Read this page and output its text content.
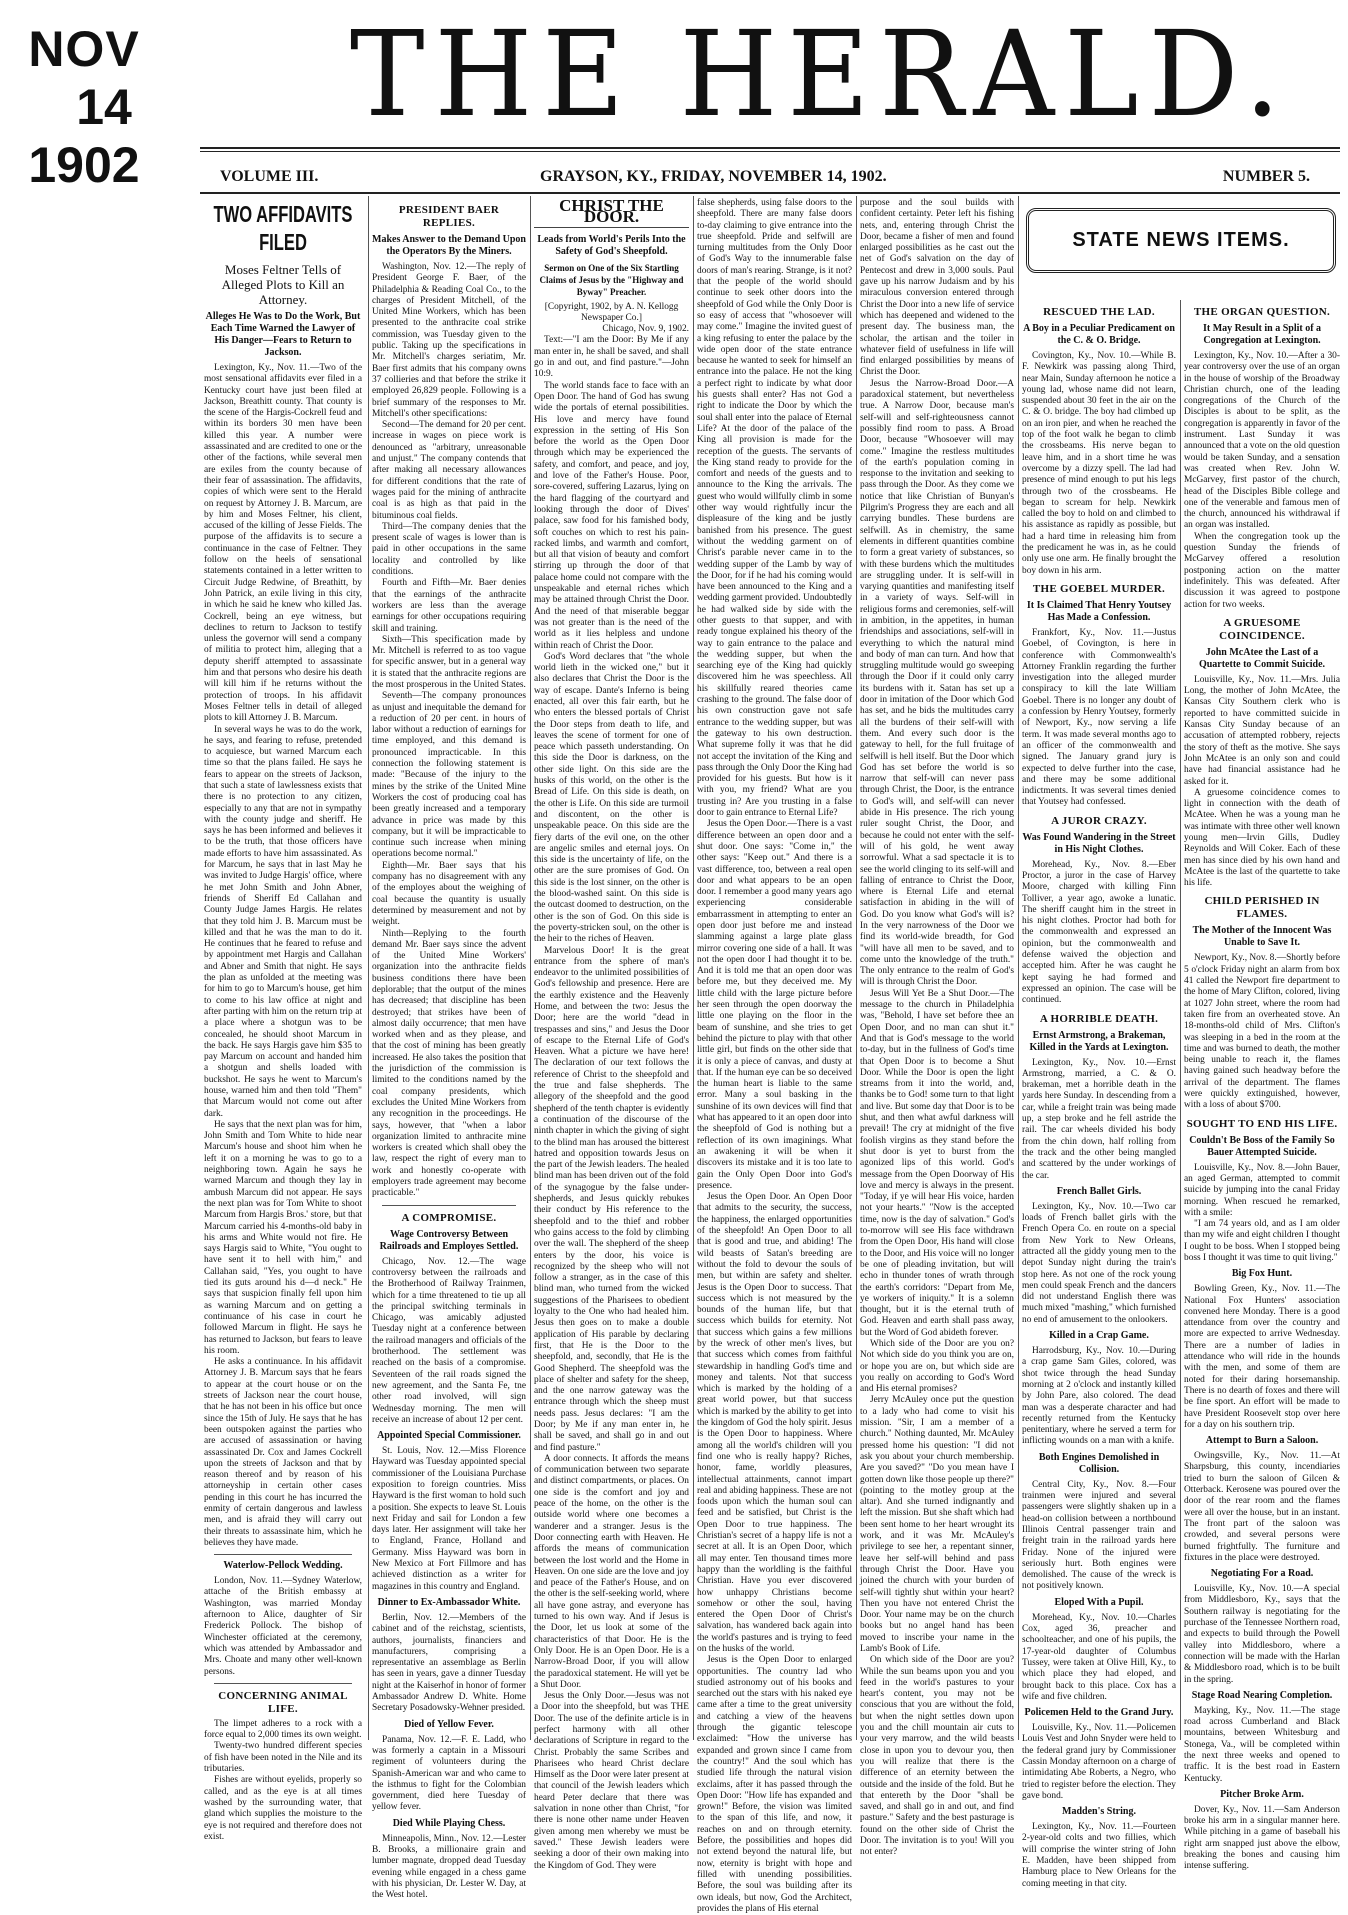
NOV
14
1902
THE HERALD.
VOLUME III.	GRAYSON, KY., FRIDAY, NOVEMBER 14, 1902.	NUMBER 5.
TWO AFFIDAVITS FILED
Moses Feltner Tells of Alleged Plots to Kill an Attorney.
Alleges He Was to Do the Work, But Each Time Warned the Lawyer of His Danger—Fears to Return to Jackson.

Lexington, Ky., Nov. 11.—Two of the most sensational affidavits ever filed in a Kentucky court have just been filed at Jackson, Breathitt county. That county is the scene of the Hargis-Cockrell feud and within its borders 30 men have been killed this year. A number were assassinated and are credited to one or the other of the factions, while several men are exiles from the county because of their fear of assassination. The affidavits, copies of which were sent to the Herald on request by Attorney J. B. Marcum, are by him and Moses Feltner, his client, accused of the killing of Jesse Fields. The purpose of the affidavits is to secure a continuance in the case of Feltner. They follow on the heels of sensational statements contained in a letter written to Circuit Judge Redwine, of Breathitt, by John Patrick, an exile living in this city, in which he said he knew who killed Jas. Cockrell, being an eye witness, but declines to return to Jackson to testify unless the governor will send a company of militia to protect him, alleging that a deputy sheriff attempted to assassinate him and that persons who desire his death will kill him if he returns without the protection of troops. In his affidavit Moses Feltner tells in detail of alleged plots to kill Attorney J. B. Marcum.

In several ways he was to do the work, he says, and fearing to refuse, pretended to acquiesce, but warned Marcum each time so that the plans failed. He says he fears to appear on the streets of Jackson, that such a state of lawlessness exists that there is no protection to any citizen, especially to any that are not in sympathy with the county judge and sheriff. He says he has been informed and believes it to be the truth, that those officers have made efforts to have him assassinated. As for Marcum, he says that in last May he was invited to Judge Hargis' office, where he met John Smith and John Abner, friends of Sheriff Ed Callahan and County Judge James Hargis. He relates that they told him J. B. Marcum must be killed and that he was the man to do it. He continues that he feared to refuse and by appointment met Hargis and Callahan and Abner and Smith that night. He says the plan as unfolded at the meeting was for him to go to Marcum's house, get him to come to his law office at night and after parting with him on the return trip at a place where a shotgun was to be concealed, he should shoot Marcum in the back. He says Hargis gave him $35 to pay Marcum on account and handed him a shotgun and shells loaded with buckshot. He says he went to Marcum's house, warned him and then told "Them" that Marcum would not come out after dark.

He says that the next plan was for him, John Smith and Tom White to hide near Marcum's house and shoot him when he left it on a morning he was to go to a neighboring town. Again he says he warned Marcum and though they lay in ambush Marcum did not appear. He says the next plan was for Tom White to shoot Marcum from Hargis Bros.' store, but that Marcum carried his 4-months-old baby in his arms and White would not fire. He says Hargis said to White, "You ought to have sent it to hell with him," and Callahan said, "Yes, you ought to have tied its guts around his d—d neck." He says that suspicion finally fell upon him as warning Marcum and on getting a continuance of his case in court he followed Marcum in flight. He says he has returned to Jackson, but fears to leave his room.

He asks a continuance. In his affidavit Attorney J. B. Marcum says that he fears to appear at the court house or on the streets of Jackson near the court house, that he has not been in his office but once since the 15th of July. He says that he has been outspoken against the parties who are accused of assassination or having assassinated Dr. Cox and James Cockrell upon the streets of Jackson and that by reason thereof and by reason of his attorneyship in certain other cases pending in this court he has incurred the enmity of certain dangerous and lawless men, and is afraid they will carry out their threats to assassinate him, which he believes they have made.

Waterlow-Pellock Wedding.

London, Nov. 11.—Sydney Waterlow, attache of the British embassy at Washington, was married Monday afternoon to Alice, daughter of Sir Frederick Pollock. The bishop of Winchester officiated at the ceremony, which was attended by Ambassador and Mrs. Choate and many other well-known persons.

CONCERNING ANIMAL LIFE.

The limpet adheres to a rock with a force equal to 2,000 times its own weight.

Twenty-two hundred different species of fish have been noted in the Nile and its tributaries.

Fishes are without eyelids, properly so called, and as the eye is at all times washed by the surrounding water, that gland which supplies the moisture to the eye is not required and therefore does not exist.

PRESIDENT BAER REPLIES.
Makes Answer to the Demand Upon the Operators By the Miners.

Washington, Nov. 12.—The reply of President George F. Baer, of the Philadelphia & Reading Coal Co., to the charges of President Mitchell, of the United Mine Workers, which has been presented to the anthracite coal strike commission, was Tuesday given to the public. Taking up the specifications in Mr. Mitchell's charges seriatim, Mr. Baer first admits that his company owns 37 collieries and that before the strike it employed 26,829 people. Following is a brief summary of the responses to Mr. Mitchell's other specifications:

Second—The demand for 20 per cent. increase in wages on piece work is denounced as "arbitrary, unreasonable and unjust." The company contends that after making all necessary allowances for different conditions that the rate of wages paid for the mining of anthracite coal is as high as that paid in the bituminous coal fields.

Third—The company denies that the present scale of wages is lower than is paid in other occupations in the same locality and controlled by like conditions.

Fourth and Fifth—Mr. Baer denies that the earnings of the anthracite workers are less than the average earnings for other occupations requiring skill and training.

Sixth—This specification made by Mr. Mitchell is referred to as too vague for specific answer, but in a general way it is stated that the anthracite regions are the most prosperous in the United States.

Seventh—The company pronounces as unjust and inequitable the demand for a reduction of 20 per cent. in hours of labor without a reduction of earnings for time employed, and this demand is pronounced impracticable. In this connection the following statement is made: "Because of the injury to the mines by the strike of the United Mine Workers the cost of producing coal has been greatly increased and a temporary advance in price was made by this company, but it will be impracticable to continue such increase when mining operations become normal."

Eighth—Mr. Baer says that his company has no disagreement with any of the employes about the weighing of coal because the quantity is usually determined by measurement and not by weight.

Ninth—Replying to the fourth demand Mr. Baer says since the advent of the United Mine Workers' organization into the anthracite fields business conditions there have been deplorable; that the output of the mines has decreased; that discipline has been destroyed; that strikes have been of almost daily occurrence; that men have worked when and as they please, and that the cost of mining has been greatly increased. He also takes the position that the jurisdiction of the commission is limited to the conditions named by the coal company presidents, which excludes the United Mine Workers from any recognition in the proceedings. He says, however, that "when a labor organization limited to anthracite mine workers is created which shall obey the law, respect the right of every man to work and honestly co-operate with employers trade agreement may become practicable."

A COMPROMISE.
Wage Controversy Between Railroads and Employes Settled.

Chicago, Nov. 12.—The wage controversy between the railroads and the Brotherhood of Railway Trainmen, which for a time threatened to tie up all the principal switching terminals in Chicago, was amicably adjusted Tuesday night at a conference between the railroad managers and officials of the brotherhood. The settlement was reached on the basis of a compromise. Seventeen of the rail roads signed the new agreement, and the Santa Fe, tne other road involved, will sign Wednesday morning. The men will receive an increase of about 12 per cent.

Appointed Special Commissioner.

St. Louis, Nov. 12.—Miss Florence Hayward was Tuesday appointed special commissioner of the Louisiana Purchase exposition to foreign countries. Miss Hayward is the first woman to hold such a position. She expects to leave St. Louis next Friday and sail for London a few days later. Her assignment will take her to England, France, Holland and Germany. Miss Hayward was born in New Mexico at Fort Fillmore and has achieved distinction as a writer for magazines in this country and England.

Dinner to Ex-Ambassador White.

Berlin, Nov. 12.—Members of the cabinet and of the reichstag, scientists, authors, journalists, financiers and manufacturers, comprising a representative an assemblage as Berlin has seen in years, gave a dinner Tuesday night at the Kaiserhof in honor of former Ambassador Andrew D. White. Home Secretary Posadowsky-Wehner presided.

Died of Yellow Fever.

Panama, Nov. 12.—F. E. Ladd, who was formerly a captain in a Missouri regiment of volunteers during the Spanish-American war and who came to the isthmus to fight for the Colombian government, died here Tuesday of yellow fever.

Died While Playing Chess.

Minneapolis, Minn., Nov. 12.—Lester B. Brooks, a millionaire grain and lumber magnate, dropped dead Tuesday evening while engaged in a chess game with his physician, Dr. Lester W. Day, at the West hotel.

CHRIST THE DOOR.
Leads from World's Perils Into the Safety of God's Sheepfold.
Sermon on One of the Six Startling Claims of Jesus by the "Highway and Byway" Preacher.

[Copyright, 1902, by A. N. Kellogg Newspaper Co.]

Chicago, Nov. 9, 1902.

Text:—"I am the Door: By Me if any man enter in, he shall be saved, and shall go in and out, and find pasture."—John 10:9.

The world stands face to face with an Open Door. The hand of God has swung wide the portals of eternal possibilities. His love and mercy have found expression in the setting of His Son before the world as the Open Door through which may be experienced the safety, and comfort, and peace, and joy, and love of the Father's House. Poor, sore-covered, suffering Lazarus, lying on the hard flagging of the courtyard and looking through the door of Dives' palace, saw food for his famished body, soft couches on which to rest his pain-racked limbs, and warmth and comfort, but all that vision of beauty and comfort stirring up through the door of that palace home could not compare with the unspeakable and eternal riches which may be attained through Christ the Door. And the need of that miserable beggar was not greater than is the need of the world as it lies helpless and undone within reach of Christ the Door.

God's Word declares that "the whole world lieth in the wicked one," but it also declares that Christ the Door is the way of escape. Dante's Inferno is being enacted, all over this fair earth, but he who enters the blessed portals of Christ the Door steps from death to life, and leaves the scene of torment for one of peace which passeth understanding. On this side the Door is darkness, on the other side light. On this side are the husks of this world, on the other is the Bread of Life. On this side is death, on the other is Life. On this side are turmoil and discontent, on the other is unspeakable peace. On this side are the fiery darts of the evil one, on the other are angelic smiles and eternal joys. On this side is the uncertainty of life, on the other are the sure promises of God. On this side is the lost sinner, on the other is the blood-washed saint. On this side is the outcast doomed to destruction, on the other is the son of God. On this side is the poverty-stricken soul, on the other is the heir to the riches of Heaven.

Marvelous Door! It is the great entrance from the sphere of man's endeavor to the unlimited possibilities of God's fellowship and presence. Here are the earthly existence and the Heavenly Home, and between the two: Jesus the Door; here are the world "dead in trespasses and sins," and Jesus the Door of escape to the Eternal Life of God's Heaven. What a picture we have here! The declaration of our text follows the reference of Christ to the sheepfold and the true and false shepherds. The allegory of the sheepfold and the good shepherd of the tenth chapter is evidently a continuation of the discourse of the ninth chapter in which the giving of sight to the blind man has aroused the bitterest hatred and opposition towards Jesus on the part of the Jewish leaders. The healed blind man has been driven out of the fold of the synagogue by the false under-shepherds, and Jesus quickly rebukes their conduct by His reference to the sheepfold and to the thief and robber who gains access to the fold by climbing over the wall. The shepherd of the sheep enters by the door, his voice is recognized by the sheep who will not follow a stranger, as in the case of this blind man, who turned from the wicked suggestions of the Pharisees to obedient loyalty to the One who had healed him. Jesus then goes on to make a double application of His parable by declaring first, that He is the Door to the sheepfold, and, secondly, that He is the Good Shepherd. The sheepfold was the place of shelter and safety for the sheep, and the one narrow gateway was the entrance through which the sheep must needs pass. Jesus declares: "I am the Door; by Me if any man enter in, he shall be saved, and shall go in and out and find pasture."

A door connects. It affords the means of communication between two separate and distinct compartments, or places. On one side is the comfort and joy and peace of the home, on the other is the outside world where one becomes a wanderer and a stranger. Jesus is the Door connecting earth with Heaven. He affords the means of communication between the lost world and the Home in Heaven. On one side are the love and joy and peace of the Father's House, and on the other is the self-seeking world, where all have gone astray, and everyone has turned to his own way. And if Jesus is the Door, let us look at some of the characteristics of that Door. He is the Only Door. He is an Open Door. He is a Narrow-Broad Door, if you will allow the paradoxical statement. He will yet be a Shut Door.

Jesus the Only Door.—Jesus was not a Door into the sheepfold, but was THE Door. The use of the definite article is in perfect harmony with all other declarations of Scripture in regard to the Christ. Probably the same Scribes and Pharisees who heard Christ declare Himself as the Door were later present at that council of the Jewish leaders which heard Peter declare that there was salvation in none other than Christ, "for there is none other name under Heaven given among men whereby we must be saved." These Jewish leaders were seeking a door of their own making into the Kingdom of God. They were

false shepherds, using false doors to the sheepfold. There are many false doors to-day claiming to give entrance into the true sheepfold. Pride and selfwill are turning multitudes from the Only Door of God's Way to the innumerable false doors of man's rearing. Strange, is it not? that the people of the world should continue to seek other doors into the sheepfold of God while the Only Door is so easy of access that "whosoever will may come." Imagine the invited guest of a king refusing to enter the palace by the wide open door of the state entrance because he wanted to seek for himself an entrance into the palace. He not the king a perfect right to indicate by what door his guests shall enter? Has not God a right to indicate the Door by which the soul shall enter into the palace of Eternal Life? At the door of the palace of the King all provision is made for the reception of the guests. The servants of the King stand ready to provide for the comfort and needs of the guests and to announce to the King the arrivals. The guest who would willfully climb in some other way would rightfully incur the displeasure of the king and be justly banished from his presence. The guest without the wedding garment on of Christ's parable never came in to the wedding supper of the Lamb by way of the Door, for if he had his coming would have been announced to the King and a wedding garment provided. Undoubtedly he had walked side by side with the other guests to that supper, and with ready tongue explained his theory of the way to gain entrance to the palace and the wedding supper, but when the searching eye of the King had quickly discovered him he was speechless. All his skillfully reared theories came crashing to the ground. The false door of his own construction gave not safe entrance to the wedding supper, but was the gateway to his own destruction. What supreme folly it was that he did not accept the invitation of the King and pass through the Only Door the King had provided for his guests. But how is it with you, my friend? What are you trusting in? Are you trusting in a false door to gain entrance to Eternal Life?

Jesus the Open Door.—There is a vast difference between an open door and a shut door. One says: "Come in," the other says: "Keep out." And there is a vast difference, too, between a real open door and what appears to be an open door. I remember a good many years ago experiencing considerable embarrassment in attempting to enter an open door just before me and instead slamming against a large plate glass mirror covering one side of a hall. It was not the open door I had thought it to be. And it is told me that an open door was before me, but they deceived me. My little child with the large picture before her seen through the open doorway the little one playing on the floor in the beam of sunshine, and she tries to get behind the picture to play with that other little girl, but finds on the other side that it is only a piece of canvas, and dusty at that. If the human eye can be so deceived the human heart is liable to the same error. Many a soul basking in the sunshine of its own devices will find that what has appeared to it an open door into the sheepfold of God is nothing but a reflection of its own imaginings. What an awakening it will be when it discovers its mistake and it is too late to gain the Only Open Door into God's presence.

Jesus the Open Door. An Open Door that admits to the security, the success, the happiness, the enlarged opportunities of the sheepfold! An Open Door to all that is good and true, and abiding! The wild beasts of Satan's breeding are without the fold to devour the souls of men, but within are safety and shelter. Jesus is the Open Door to success. That success which is not measured by the bounds of the human life, but that success which builds for eternity. Not that success which gains a few millions by the wreck of other men's lives, but that success which comes from faithful stewardship in handling God's time and money and talents. Not that success which is marked by the holding of a great world power, but that success which is marked by the ability to get into the kingdom of God the holy spirit. Jesus is the Open Door to happiness. Where among all the world's children will you find one who is really happy? Riches, honor, fame, worldly pleasures, intellectual attainments, cannot impart real and abiding happiness. These are not foods upon which the human soul can feed and be satisfied, but Christ is the Open Door to true happiness. The Christian's secret of a happy life is not a secret at all. It is an Open Door, which all may enter. Ten thousand times more happy than the worldling is the faithful Christian. Have you ever discovered how unhappy Christians become somehow or other the soul, having entered the Open Door of Christ's salvation, has wandered back again into the world's pastures and is trying to feed on the husks of the world.

Jesus is the Open Door to enlarged opportunities. The country lad who studied astronomy out of his books and searched out the stars with his naked eye came after a time to the great university and catching a view of the heavens through the gigantic telescope exclaimed: "How the universe has expanded and grown since I came from the country!" And the soul which has studied life through the natural vision exclaims, after it has passed through the Open Door: "How life has expanded and grown!" Before, the vision was limited to the span of this life, and now, it reaches on and on through eternity. Before, the possibilities and hopes did not extend beyond the natural life, but now, eternity is bright with hope and filled with unending possibilities. Before, the soul was building after its own ideals, but now, God the Architect, provides the plans of His eternal

purpose and the soul builds with confident certainty. Peter left his fishing nets, and, entering through Christ the Door, became a fisher of men and found enlarged possibilities as he cast out the net of God's salvation on the day of Pentecost and drew in 3,000 souls. Paul gave up his narrow Judaism and by his miraculous conversion entered through Christ the Door into a new life of service which has deepened and widened to the present day. The business man, the scholar, the artisan and the toiler in whatever field of usefulness in life will find enlarged possibilities by means of Christ the Door.

Jesus the Narrow-Broad Door.—A paradoxical statement, but nevertheless true. A Narrow Door, because man's self-will and self-righteousness cannot possibly find room to pass. A Broad Door, because "Whosoever will may come." Imagine the restless multitudes of the earth's population coming in response to the invitation and seeking to pass through the Door. As they come we notice that like Christian of Bunyan's Pilgrim's Progress they are each and all carrying bundles. These burdens are selfwill. As in chemistry, the same elements in different quantities combine to form a great variety of substances, so with these burdens which the multitudes are struggling under. It is self-will in varying quantities and manifesting itself in a variety of ways. Self-will in religious forms and ceremonies, self-will in ambition, in the appetites, in human friendships and associations, self-will in everything to which the natural mind and body of man can turn. And how that struggling multitude would go sweeping through the Door if it could only carry its burdens with it. Satan has set up a door in imitation of the Door which God has set, and he bids the multitudes carry all the burdens of their self-will with them. And every such door is the gateway to hell, for the full fruitage of selfwill is hell itself. But the Door which God has set before the world is so narrow that self-will can never pass through Christ, the Door, is the entrance to God's will, and self-will can never abide in His presence. The rich young ruler sought Christ, the Door, and because he could not enter with the self-will of his gold, he went away sorrowful. What a sad spectacle it is to see the world clinging to its self-will and falling of entrance to Christ the Door, where is Eternal Life and eternal satisfaction in abiding in the will of God. Do you know what God's will is? In the very narrowness of the Door we find its world-wide breadth, for God "will have all men to be saved, and to come unto the knowledge of the truth." The only entrance to the realm of God's will is through Christ the Door.

Jesus Will Yet Be a Shut Door.—The message to the church in Philadelphia was, "Behold, I have set before thee an Open Door, and no man can shut it." And that is God's message to the world to-day, but in the fullness of God's time that Open Door is to become a Shut Door. While the Door is open the light streams from it into the world, and, thanks be to God! some turn to that light and live. But some day that Door is to be shut, and then what awful darkness will prevail! The cry at midnight of the five foolish virgins as they stand before the shut door is yet to burst from the agonized lips of this world. God's message from the Open Doorway of His love and mercy is always in the present. "Today, if ye will hear His voice, harden not your hearts." "Now is the accepted time, now is the day of salvation." God's to-morrow will see His face withdrawn from the Open Door, His hand will close to the Door, and His voice will no longer be one of pleading invitation, but will echo in thunder tones of wrath through the earth's corridors: "Depart from Me, ye workers of iniquity." It is a solemn thought, but it is the eternal truth of God. Heaven and earth shall pass away, but the Word of God abideth forever.

Which side of the Door are you on? Not which side do you think you are on, or hope you are on, but which side are you really on according to God's Word and His eternal promises?

Jerry McAuley once put the question to a lady who had come to visit his mission. "Sir, I am a member of a church." Nothing daunted, Mr. McAuley pressed home his question: "I did not ask you about your church membership. Are you saved?" "Do you mean have I gotten down like those people up there?" (pointing to the motley group at the altar). And she turned indignantly and left the mission. But she shaft which had been sent home to her heart wrought its work, and it was Mr. McAuley's privilege to see her, a repentant sinner, leave her self-will behind and pass through Christ the Door. Have you joined the church with your burden of self-will tightly shut within your heart? Then you have not entered Christ the Door. Your name may be on the church books but no angel hand has been moved to inscribe your name in the Lamb's Book of Life.

On which side of the Door are you? While the sun beams upon you and you feed in the world's pastures to your heart's content, you may not be conscious that you are without the fold, but when the night settles down upon you and the chill mountain air cuts to your very marrow, and the wild beasts close in upon you to devour you, then you will realize that there is the difference of an eternity between the outside and the inside of the fold. But he that entereth by the Door "shall be saved, and shall go in and out, and find pasture." Safety and the best pasturage is found on the other side of Christ the Door. The invitation is to you! Will you not enter?

STATE NEWS ITEMS.
RESCUED THE LAD.
A Boy in a Peculiar Predicament on the C. & O. Bridge.

Covington, Ky., Nov. 10.—While B. F. Newkirk was passing along Third, near Main, Sunday afternoon he notice a young lad, whose name did not learn, suspended about 30 feet in the air on the C. & O. bridge. The boy had climbed up on an iron pier, and when he reached the top of the foot walk he began to climb the crossbeams. His nerve began to leave him, and in a short time he was overcome by a dizzy spell. The lad had presence of mind enough to put his legs through two of the crossbeams. He began to scream for help. Newkirk called the boy to hold on and climbed to his assistance as rapidly as possible, but had a hard time in releasing him from the predicament he was in, as he could only use one arm. He finally brought the boy down in his arm.

THE GOEBEL MURDER.
It Is Claimed That Henry Youtsey Has Made a Confession.

Frankfort, Ky., Nov. 11.—Justus Goebel, of Covington, is here in conference with Commonwealth's Attorney Franklin regarding the further investigation into the alleged murder conspiracy to kill the late William Goebel. There is no longer any doubt of a confession by Henry Youtsey, formerly of Newport, Ky., now serving a life term. It was made several months ago to an officer of the commonwealth and signed. The January grand jury is expected to delve further into the case, and there may be some additional indictments. It was several times denied that Youtsey had confessed.

A JUROR CRAZY.
Was Found Wandering in the Street in His Night Clothes.

Morehead, Ky., Nov. 8.—Eber Proctor, a juror in the case of Harvey Moore, charged with killing Finn Tolliver, a year ago, awoke a lunatic. The sheriff caught him in the street in his night clothes. Proctor had both for the commonwealth and expressed an opinion, but the commonwealth and defense waived the objection and accepted him. After he was caught he kept saying he had formed and expressed an opinion. The case will be continued.

A HORRIBLE DEATH.
Ernst Armstrong, a Brakeman, Killed in the Yards at Lexington.

Lexington, Ky., Nov. 10.—Ernst Armstrong, married, a C. & O. brakeman, met a horrible death in the yards here Sunday. In descending from a car, while a freight train was being made up, a step broke and he fell astride the rail. The car wheels divided his body from the chin down, half rolling from the track and the other being mangled and scattered by the under workings of the car.

French Ballet Girls.

Lexington, Ky., Nov. 10.—Two car loads of French ballet girls with the French Opera Co. en route on a special from New York to New Orleans, attracted all the giddy young men to the depot Sunday night during the train's stop here. As not one of the rock young men could speak French and the dancers did not understand English there was much mixed "mashing," which furnished no end of amusement to the onlookers.

Killed in a Crap Game.

Harrodsburg, Ky., Nov. 10.—During a crap game Sam Giles, colored, was shot twice through the head Sunday morning at 2 o'clock and instantly killed by John Pare, also colored. The dead man was a desperate character and had recently returned from the Kentucky penitentiary, where he served a term for inflicting wounds on a man with a knife.

Both Engines Demolished in Collision.

Central City, Ky., Nov. 8.—Four trainmen were injured and several passengers were slightly shaken up in a head-on collision between a northbound Illinois Central passenger train and freight train in the railroad yards here Friday. None of the injured were seriously hurt. Both engines were demolished. The cause of the wreck is not positively known.

Eloped With a Pupil.

Morehead, Ky., Nov. 10.—Charles Cox, aged 36, preacher and schoolteacher, and one of his pupils, the 17-year-old daughter of Columbus Tussey, were taken at Olive Hill, Ky., to which place they had eloped, and brought back to this place. Cox has a wife and five children.

Policemen Held to the Grand Jury.

Louisville, Ky., Nov. 11.—Policemen Louis Vest and John Snyder were held to the federal grand jury by Commissioner Cassin Monday afternoon on a charge of intimidating Abe Roberts, a Negro, who tried to register before the election. They gave bond.

Madden's String.

Lexington, Ky., Nov. 11.—Fourteen 2-year-old colts and two fillies, which will comprise the winter string of John E. Madden, have been shipped from Hamburg place to New Orleans for the coming meeting in that city.

THE ORGAN QUESTION.
It May Result in a Split of a Congregation at Lexington.

Lexington, Ky., Nov. 10.—After a 30-year controversy over the use of an organ in the house of worship of the Broadway Christian church, one of the leading congregations of the Church of the Disciples is about to be split, as the congregation is apparently in favor of the instrument. Last Sunday it was announced that a vote on the old question would be taken Sunday, and a sensation was created when Rev. John W. McGarvey, first pastor of the church, head of the Disciples Bible college and one of the venerable and famous men of the church, announced his withdrawal if an organ was installed.

When the congregation took up the question Sunday the friends of McGarvey offered a resolution postponing action on the matter indefinitely. This was defeated. After discussion it was agreed to postpone action for two weeks.

A GRUESOME COINCIDENCE.
John McAtee the Last of a Quartette to Commit Suicide.

Louisville, Ky., Nov. 11.—Mrs. Julia Long, the mother of John McAtee, the Kansas City Southern clerk who is reported to have committed suicide in Kansas City Sunday because of an accusation of attempted robbery, rejects the story of theft as the motive. She says John McAtee is an only son and could have had financial assistance had he asked for it.

A gruesome coincidence comes to light in connection with the death of McAtee. When he was a young man he was intimate with three other well known young men—Irvin Gills, Dudley Reynolds and Will Coker. Each of these men has since died by his own hand and McAtee is the last of the quartette to take his life.

CHILD PERISHED IN FLAMES.
The Mother of the Innocent Was Unable to Save It.

Newport, Ky., Nov. 8.—Shortly before 5 o'clock Friday night an alarm from box 41 called the Newport fire department to the home of Mary Clifton, colored, living at 1027 John street, where the room had taken fire from an overheated stove. An 18-months-old child of Mrs. Clifton's was sleeping in a bed in the room at the time and was burned to death, the mother being unable to reach it, the flames having gained such headway before the arrival of the department. The flames were quickly extinguished, however, with a loss of about $700.

SOUGHT TO END HIS LIFE.
Couldn't Be Boss of the Family So Bauer Attempted Suicide.

Louisville, Ky., Nov. 8.—John Bauer, an aged German, attempted to commit suicide by jumping into the canal Friday morning. When rescued he remarked, with a smile:

"I am 74 years old, and as I am older than my wife and eight children I thought I ought to be boss. When I stopped being boss I thought it was time to quit living."

Big Fox Hunt.

Bowling Green, Ky., Nov. 11.—The National Fox Hunters' association convened here Monday. There is a good attendance from over the country and more are expected to arrive Wednesday. There are a number of ladies in attendance who will ride in the hounds with the men, and some of them are noted for their daring horsemanship. There is no dearth of foxes and there will be fine sport. An effort will be made to have President Roosevelt stop over here for a day on his southern trip.

Attempt to Burn a Saloon.

Owingsville, Ky., Nov. 11.—At Sharpsburg, this county, incendiaries tried to burn the saloon of Gilcen & Otterback. Kerosene was poured over the door of the rear room and the flames were all over the house, but in an instant. The front part of the saloon was crowded, and several persons were burned frightfully. The furniture and fixtures in the place were destroyed.

Negotiating For a Road.

Louisville, Ky., Nov. 10.—A special from Middlesboro, Ky., says that the Southern railway is negotiating for the purchase of the Tennessee Northern road, and expects to build through the Powell valley into Middlesboro, where a connection will be made with the Harlan & Middlesboro road, which is to be built in the spring.

Stage Road Nearing Completion.

Mayking, Ky., Nov. 11.—The stage road across Cumberland and Black mountains, between Whitesburg and Stonega, Va., will be completed within the next three weeks and opened to traffic. It is the best road in Eastern Kentucky.

Pitcher Broke Arm.

Dover, Ky., Nov. 11.—Sam Anderson broke his arm in a singular manner here. While pitching in a game of baseball his right arm snapped just above the elbow, breaking the bones and causing him intense suffering.
